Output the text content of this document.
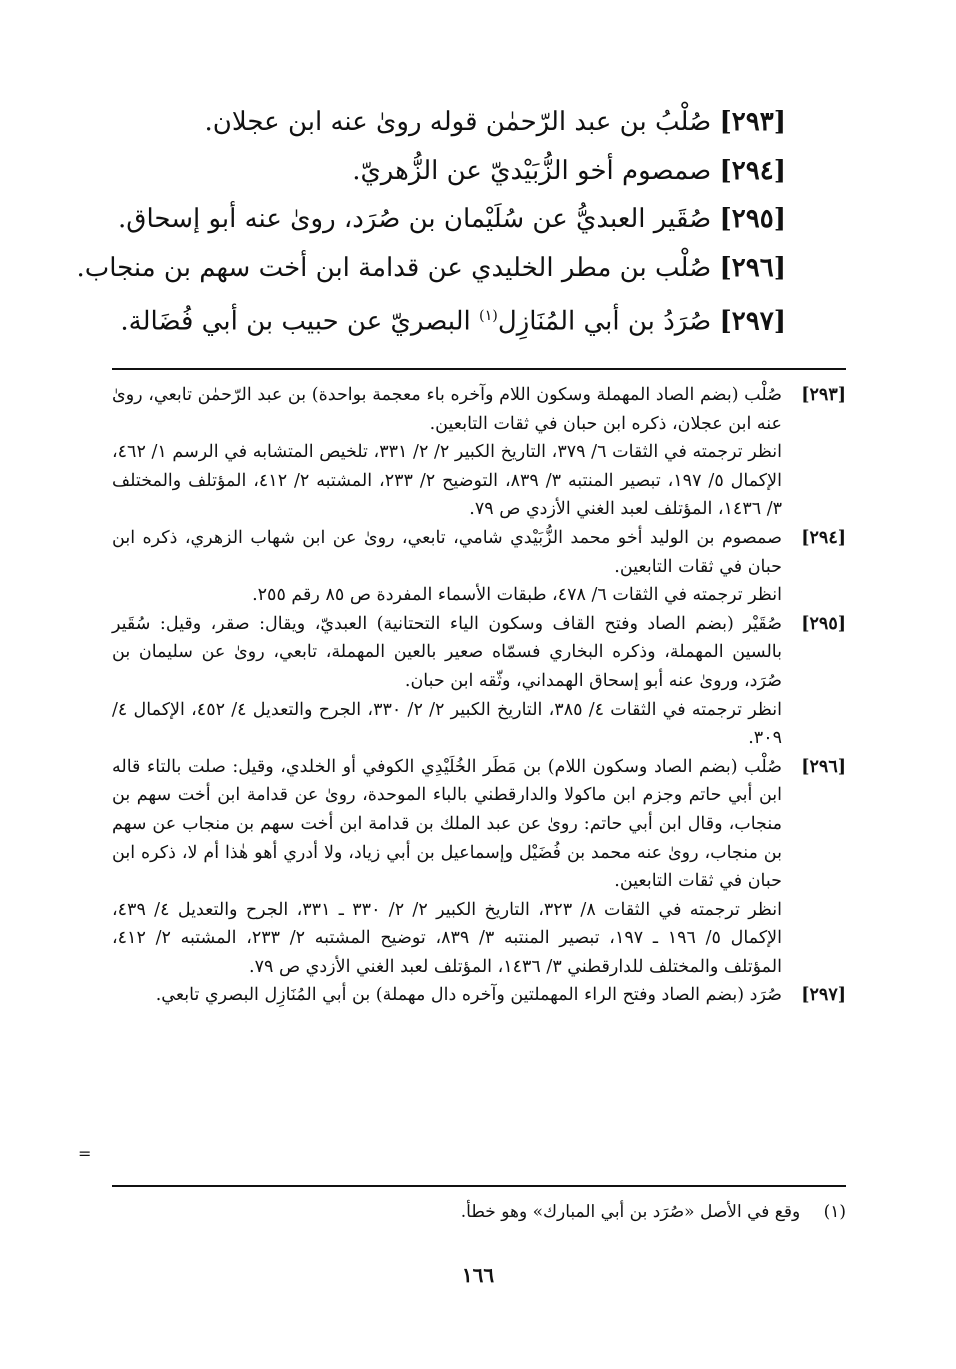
[٢٩٣] صُلْبُ بن عبد الرّحمٰن قوله روىٰ عنه ابن عجلان.
[٢٩٤] صمصوم أخو الزُّبَيْديّ عن الزُّهريّ.
[٢٩٥] صُقَير العبديُّ عن سُلَيْمان بن صُرَد، روىٰ عنه أبو إسحاق.
[٢٩٦] صُلْب بن مطر الخليدي عن قدامة ابن أخت سهم بن منجاب.
[٢٩٧] صُرَدُ بن أبي المُنَازِل$^{(١)}$ البصريّ عن حبيب بن أبي فُضَالة.
[٢٩٣]

صُلْب (بضم الصاد المهملة وسكون اللام وآخره باء معجمة بواحدة) بن عبد الرّحمٰن تابعي، روىٰ عنه ابن عجلان، ذكره ابن حبان في ثقات التابعين.

انظر ترجمته في الثقات ٦/ ٣٧٩، التاريخ الكبير ٢/ ٢/ ٣٣١، تلخيص المتشابه في الرسم ١/ ٤٦٢، الإكمال ٥/ ١٩٧، تبصير المنتبه ٣/ ٨٣٩، التوضيح ٢/ ٢٣٣، المشتبه ٢/ ٤١٢، المؤتلف والمختلف ٣/ ١٤٣٦، المؤتلف لعبد الغني الأزدي ص ٧٩.

[٢٩٤]

صمصوم بن الوليد أخو محمد الزُّبَيْدي شامي، تابعي، روىٰ عن ابن شهاب الزهري، ذكره ابن حبان في ثقات التابعين.

انظر ترجمته في الثقات ٦/ ٤٧٨، طبقات الأسماء المفردة ص ٨٥ رقم ٢٥٥.

[٢٩٥]

صُقَيْر (بضم الصاد وفتح القاف وسكون الياء التحتانية) العبديّ، ويقال: صقر، وقيل: سُقَير بالسين المهملة، وذكره البخاري فسمّاه صعير بالعين المهملة، تابعي، روىٰ عن سليمان بن صُرَد، وروىٰ عنه أبو إسحاق الهمداني، وثّقه ابن حبان.

انظر ترجمته في الثقات ٤/ ٣٨٥، التاريخ الكبير ٢/ ٢/ ٣٣٠، الجرح والتعديل ٤/ ٤٥٢، الإكمال ٤/ ٣٠٩.

[٢٩٦]

صُلْب (بضم الصاد وسكون اللام) بن مَطَر الخُلَيْدِي الكوفي أو الخلدي، وقيل: صلت بالتاء قاله ابن أبي حاتم وجزم ابن ماكولا والدارقطني بالباء الموحدة، روىٰ عن قدامة ابن أخت سهم بن منجاب، وقال ابن أبي حاتم: روىٰ عن عبد الملك بن قدامة ابن أخت سهم بن منجاب عن سهم بن منجاب، روىٰ عنه محمد بن فُضَيْل وإسماعيل بن أبي زياد، ولا أدري أهو هٰذا أم لا، ذكره ابن حبان في ثقات التابعين.

انظر ترجمته في الثقات ٨/ ٣٢٣، التاريخ الكبير ٢/ ٢/ ٣٣٠ ـ ٣٣١، الجرح والتعديل ٤/ ٤٣٩، الإكمال ٥/ ١٩٦ ـ ١٩٧، تبصير المنتبه ٣/ ٨٣٩، توضيح المشتبه ٢/ ٢٣٣، المشتبه ٢/ ٤١٢، المؤتلف والمختلف للدارقطني ٣/ ١٤٣٦، المؤتلف لعبد الغني الأزدي ص ٧٩.

[٢٩٧]

صُرَد (بضم الصاد وفتح الراء المهملتين وآخره دال مهملة) بن أبي المُنَازِل البصري تابعي.

=
(١) وقع في الأصل «صُرَد بن أبي المبارك» وهو خطأ.
١٦٦
